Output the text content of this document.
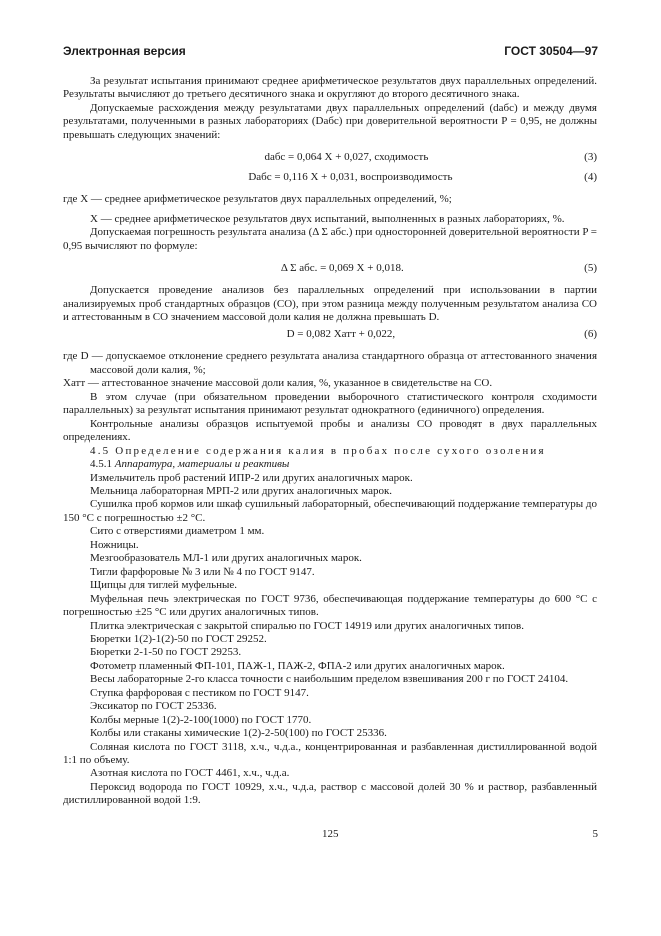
Электронная версия	ГОСТ 30504—97

За результат испытания принимают среднее арифметическое результатов двух параллельных определений. Результаты вычисляют до третьего десятичного знака и округляют до второго десятичного знака.

Допускаемые расхождения между результатами двух параллельных определений (dабс) и между двумя результатами, полученными в разных лабораториях (Dабс) при доверительной вероятности P = 0,95, не должны превышать следующих значений:

dабс = 0,064 X + 0,027, сходимость	(3)
Dабс = 0,116 X + 0,031, воспроизводимость	(4)

где X — среднее арифметическое результатов двух параллельных определений, %;

X — среднее арифметическое результатов двух испытаний, выполненных в разных лабораториях, %.

Допускаемая погрешность результата анализа (Δ Σ абс.) при односторонней доверительной вероятности P = 0,95 вычисляют по формуле:

Δ Σ абс. = 0,069 X + 0,018.	(5)

Допускается проведение анализов без параллельных определений при использовании в партии анализируемых проб стандартных образцов (СО), при этом разница между полученным результатом анализа СО и аттестованным в СО значением массовой доли калия не должна превышать D.

D = 0,082 Xатт + 0,022,	(6)

где D — допускаемое отклонение среднего результата анализа стандартного образца от аттестованного значения массовой доли калия, %;

Xатт — аттестованное значение массовой доли калия, %, указанное в свидетельстве на СО.

В этом случае (при обязательном проведении выборочного статистического контроля сходимости параллельных) за результат испытания принимают результат однократного (единичного) определения.

Контрольные анализы образцов испытуемой пробы и анализы СО проводят в двух параллельных определениях.

4.5 Определение содержания калия в пробах после сухого озоления

4.5.1 Аппаратура, материалы и реактивы

Измельчитель проб растений ИПР-2 или других аналогичных марок.

Мельница лабораторная МРП-2 или других аналогичных марок.

Сушилка проб кормов или шкаф сушильный лабораторный, обеспечивающий поддержание температуры до 150 °С с погрешностью ±2 °С.

Сито с отверстиями диаметром 1 мм.

Ножницы.

Мезгообразователь МЛ-1 или других аналогичных марок.

Тигли фарфоровые № 3 или № 4 по ГОСТ 9147.

Щипцы для тиглей муфельные.

Муфельная печь электрическая по ГОСТ 9736, обеспечивающая поддержание температуры до 600 °С с погрешностью ±25 °С или других аналогичных типов.

Плитка электрическая с закрытой спиралью по ГОСТ 14919 или других аналогичных типов.

Бюретки 1(2)-1(2)-50 по ГОСТ 29252.

Бюретки 2-1-50 по ГОСТ 29253.

Фотометр пламенный ФП-101, ПАЖ-1, ПАЖ-2, ФПА-2 или других аналогичных марок.

Весы лабораторные 2-го класса точности с наибольшим пределом взвешивания 200 г по ГОСТ 24104.

Ступка фарфоровая с пестиком по ГОСТ 9147.

Эксикатор по ГОСТ 25336.

Колбы мерные 1(2)-2-100(1000) по ГОСТ 1770.

Колбы или стаканы химические 1(2)-2-50(100) по ГОСТ 25336.

Соляная кислота по ГОСТ 3118, х.ч., ч.д.а., концентрированная и разбавленная дистиллированной водой 1:1 по объему.

Азотная кислота по ГОСТ 4461, х.ч., ч.д.а.

Пероксид водорода по ГОСТ 10929, х.ч., ч.д.а, раствор с массовой долей 30 % и раствор, разбавленный дистиллированной водой 1:9.

125	5
